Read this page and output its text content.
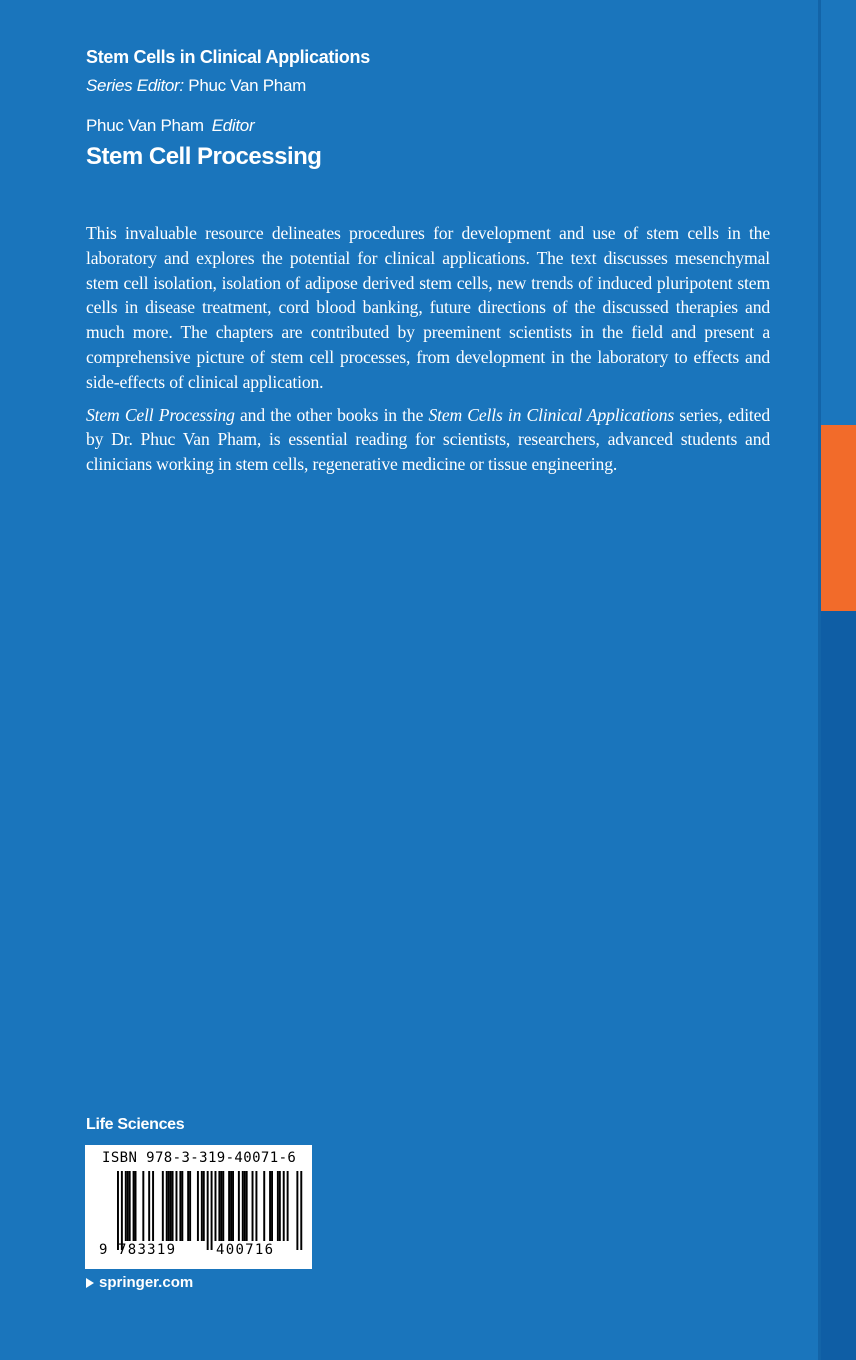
Stem Cells in Clinical Applications
Series Editor: Phuc Van Pham
Phuc Van Pham Editor
Stem Cell Processing

This invaluable resource delineates procedures for development and use of stem cells in the laboratory and explores the potential for clinical applications. The text discusses mesenchymal stem cell isolation, isolation of adipose derived stem cells, new trends of induced pluripotent stem cells in disease treatment, cord blood banking, future directions of the discussed therapies and much more. The chapters are contributed by preeminent scientists in the field and present a comprehensive picture of stem cell processes, from development in the laboratory to effects and side-effects of clinical application.

Stem Cell Processing and the other books in the Stem Cells in Clinical Applications series, edited by Dr. Phuc Van Pham, is essential reading for scientists, researchers, advanced students and clinicians working in stem cells, regenerative medicine or tissue engineering.

Life Sciences
ISBN 978-3-319-40071-6
9 783319	400716
springer.com
